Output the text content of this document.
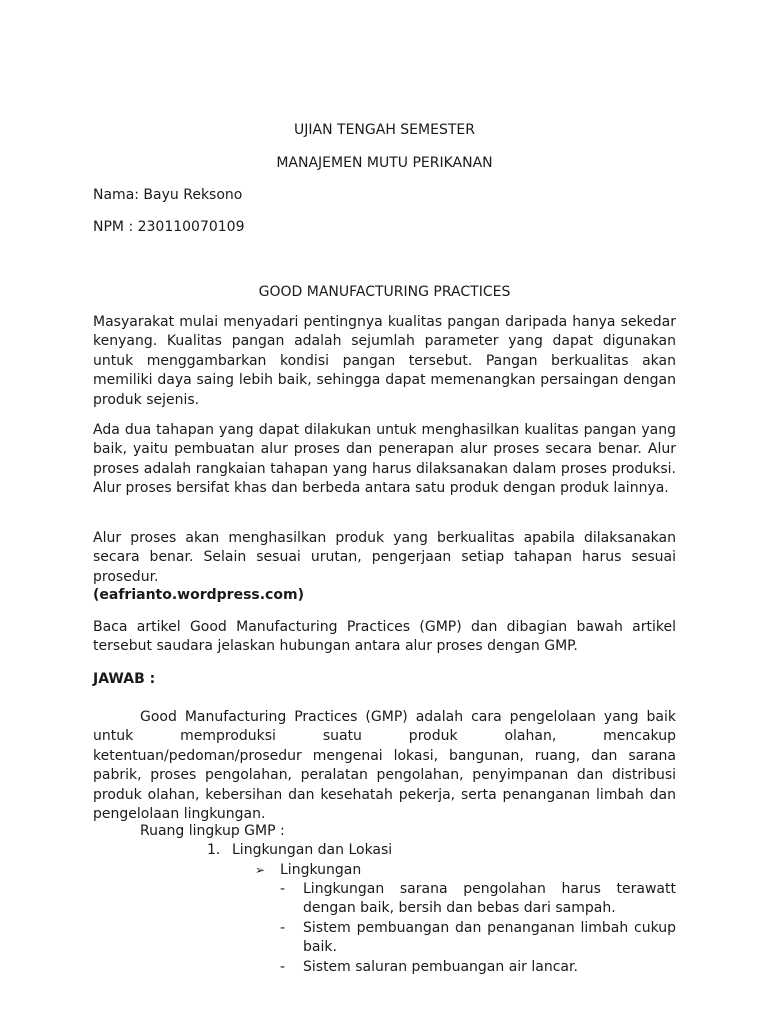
UJIAN TENGAH SEMESTER
MANAJEMEN MUTU PERIKANAN
Nama: Bayu Reksono
NPM : 230110070109
GOOD MANUFACTURING PRACTICES

Masyarakat mulai menyadari pentingnya kualitas pangan daripada hanya sekedar kenyang. Kualitas pangan adalah sejumlah parameter yang dapat digunakan untuk menggambarkan kondisi pangan tersebut. Pangan berkualitas akan memiliki daya saing lebih baik, sehingga dapat memenangkan persaingan dengan produk sejenis.

Ada dua tahapan yang dapat dilakukan untuk menghasilkan kualitas pangan yang baik, yaitu pembuatan alur proses dan penerapan alur proses secara benar. Alur proses adalah rangkaian tahapan yang harus dilaksanakan dalam proses produksi. Alur proses bersifat khas dan berbeda antara satu produk dengan produk lainnya.

Alur proses akan menghasilkan produk yang berkualitas apabila dilaksanakan secara benar. Selain sesuai urutan, pengerjaan setiap tahapan harus sesuai prosedur.

(eafrianto.wordpress.com)

Baca artikel Good Manufacturing Practices (GMP) dan dibagian bawah artikel tersebut saudara jelaskan hubungan antara alur proses dengan GMP.

JAWAB :

Good Manufacturing Practices (GMP) adalah cara pengelolaan yang baik untuk memproduksi suatu produk olahan, mencakup ketentuan/pedoman/prosedur mengenai lokasi, bangunan, ruang, dan sarana pabrik, proses pengolahan, peralatan pengolahan, penyimpanan dan distribusi produk olahan, kebersihan dan kesehatah pekerja, serta penanganan limbah dan pengelolaan lingkungan.

Ruang lingkup GMP :
1. Lingkungan dan Lokasi
➢ Lingkungan
- Lingkungan sarana pengolahan harus terawatt dengan baik, bersih dan bebas dari sampah.

- Sistem pembuangan dan penanganan limbah cukup baik.

- Sistem saluran pembuangan air lancar.
